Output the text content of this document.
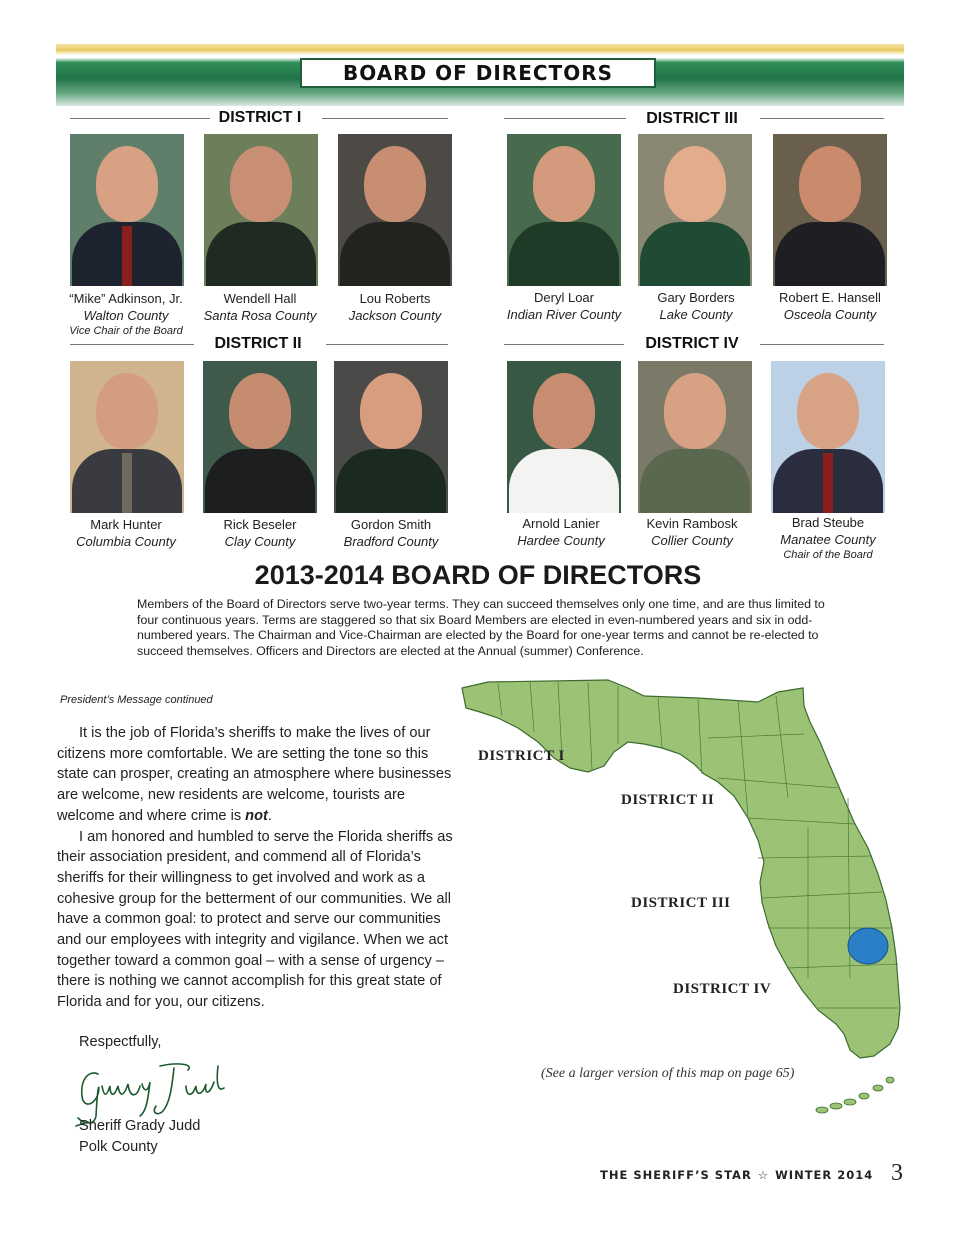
BOARD OF DIRECTORS
DISTRICT I	DISTRICT III
DISTRICT II	DISTRICT IV
“Mike” Adkinson, Jr.
Walton County
Vice Chair of the Board
Wendell Hall
Santa Rosa County
Lou Roberts
Jackson County
Deryl Loar
Indian River County
Gary Borders
Lake County
Robert E. Hansell
Osceola County
Mark Hunter
Columbia County
Rick Beseler
Clay County
Gordon Smith
Bradford County
Arnold Lanier
Hardee County
Kevin Rambosk
Collier County
Brad Steube
Manatee County
Chair of the Board
2013-2014 BOARD OF DIRECTORS
Members of the Board of Directors serve two-year terms. They can succeed themselves only one time, and are thus limited to four continuous years. Terms are staggered so that six Board Members are elected in even-numbered years and six in odd-numbered years. The Chairman and Vice-Chairman are elected by the Board for one-year terms and cannot be re-elected to succeed themselves. Officers and Directors are elected at the Annual (summer) Conference.
President’s Message continued

It is the job of Florida’s sheriffs to make the lives of our citizens more comfortable. We are setting the tone so this state can prosper, creating an atmosphere where businesses are welcome, new residents are welcome, tourists are welcome and where crime is not.

I am honored and humbled to serve the Florida sheriffs as their association president, and commend all of Florida’s sheriffs for their willingness to get involved and work as a cohesive group for the betterment of our communities. We all have a common goal: to protect and serve our communities and our employees with integrity and vigilance. When we act together toward a common goal – with a sense of urgency – there is nothing we cannot accomplish for this great state of Florida and for you, our citizens.

Respectfully,
Sheriff Grady Judd
Polk County
DISTRICT I
DISTRICT II
DISTRICT III
DISTRICT IV
(See a larger version of this map on page 65)
THE SHERIFF’S STAR ☆ WINTER 2014 3
